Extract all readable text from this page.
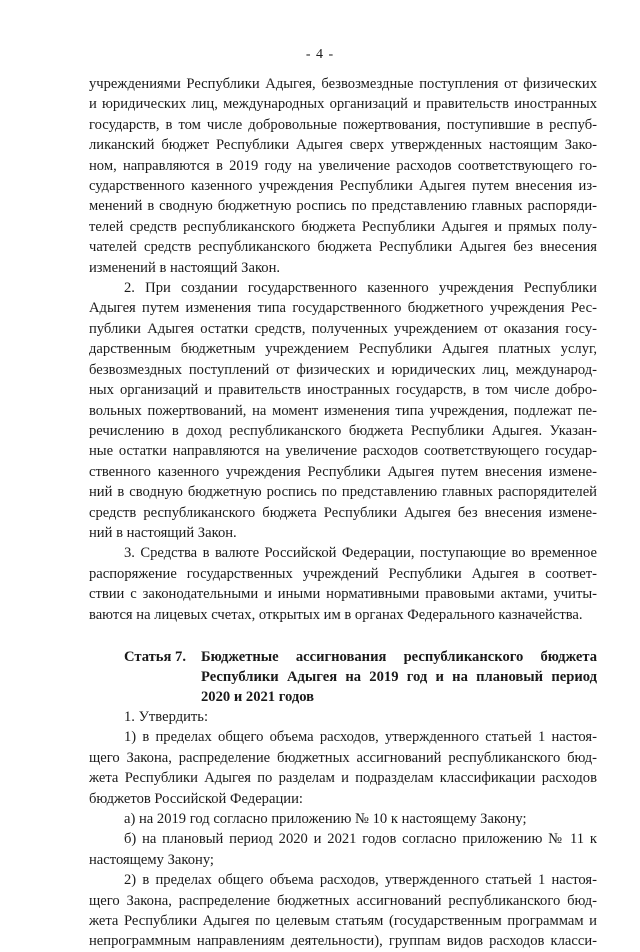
- 4 -

учреждениями Республики Адыгея, безвозмездные поступления от физических

и юридических лиц, международных организаций и правительств иностранных

государств, в том числе добровольные пожертвования, поступившие в респуб-

ликанский бюджет Республики Адыгея сверх утвержденных настоящим Зако-

ном, направляются в 2019 году на увеличение расходов соответствующего го-

сударственного казенного учреждения Республики Адыгея путем внесения из-

менений в сводную бюджетную роспись по представлению главных распоряди-

телей средств республиканского бюджета Республики Адыгея и прямых полу-

чателей средств республиканского бюджета Республики Адыгея без внесения

изменений в настоящий Закон.

2. При создании государственного казенного учреждения Республики

Адыгея путем изменения типа государственного бюджетного учреждения Рес-

публики Адыгея остатки средств, полученных учреждением от оказания госу-

дарственным бюджетным учреждением Республики Адыгея платных услуг,

безвозмездных поступлений от физических и юридических лиц, международ-

ных организаций и правительств иностранных государств, в том числе добро-

вольных пожертвований, на момент изменения типа учреждения, подлежат пе-

речислению в доход республиканского бюджета Республики Адыгея. Указан-

ные остатки направляются на увеличение расходов соответствующего государ-

ственного казенного учреждения Республики Адыгея путем внесения измене-

ний в сводную бюджетную роспись по представлению главных распорядителей

средств республиканского бюджета Республики Адыгея без внесения измене-

ний в настоящий Закон.

3. Средства в валюте Российской Федерации, поступающие во временное

распоряжение государственных учреждений Республики Адыгея в соответ-

ствии с законодательными и иными нормативными правовыми актами, учиты-

ваются на лицевых счетах, открытых им в органах Федерального казначейства.

Статья 7.	Бюджетные ассигнования республиканского бюджета
Республики Адыгея на 2019 год и на плановый период
2020 и 2021 годов

1. Утвердить:

1) в пределах общего объема расходов, утвержденного статьей 1 настоя-

щего Закона, распределение бюджетных ассигнований республиканского бюд-

жета Республики Адыгея по разделам и подразделам классификации расходов

бюджетов Российской Федерации:

а) на 2019 год согласно приложению № 10 к настоящему Закону;

б) на плановый период 2020 и 2021 годов согласно приложению № 11 к

настоящему Закону;

2) в пределах общего объема расходов, утвержденного статьей 1 настоя-

щего Закона, распределение бюджетных ассигнований республиканского бюд-

жета Республики Адыгея по целевым статьям (государственным программам и

непрограммным направлениям деятельности), группам видов расходов класси-
